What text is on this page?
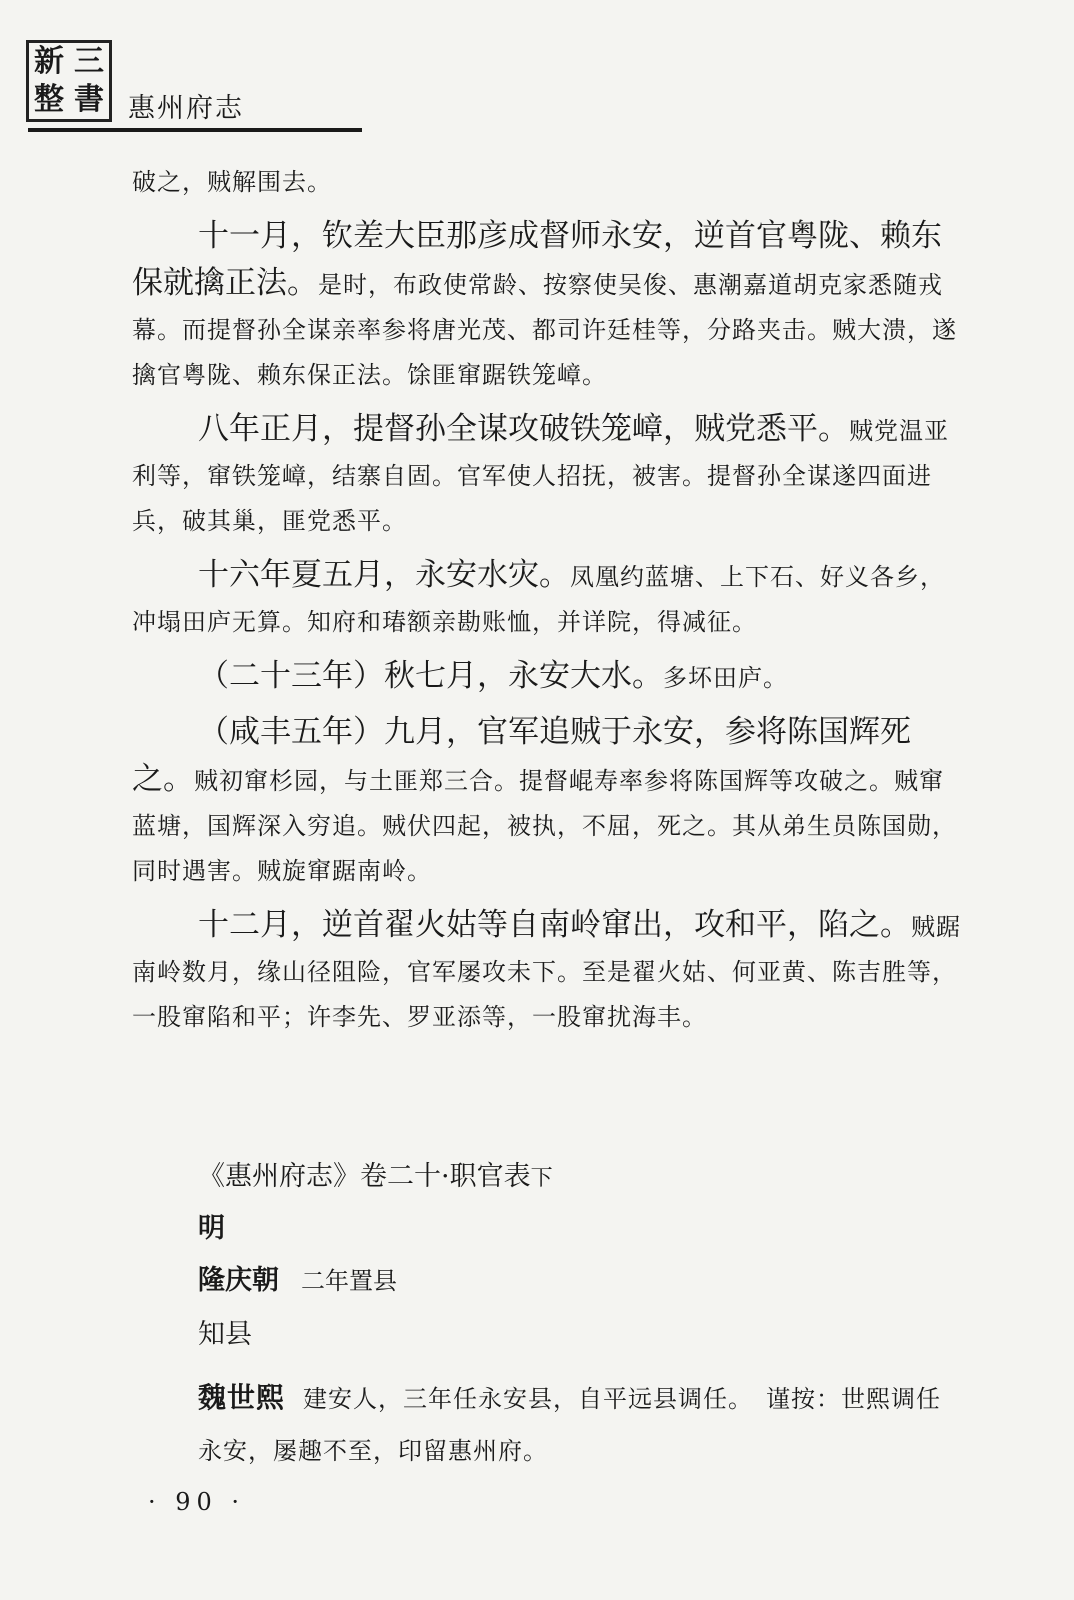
新 三
整 書 惠州府志

破之，贼解围去。

十一月，钦差大臣那彦成督师永安，逆首官粤陇、赖东保就擒正法。是时，布政使常龄、按察使吴俊、惠潮嘉道胡克家悉随戎幕。而提督孙全谋亲率参将唐光茂、都司许廷桂等，分路夹击。贼大溃，遂擒官粤陇、赖东保正法。馀匪窜踞铁笼嶂。

八年正月，提督孙全谋攻破铁笼嶂，贼党悉平。贼党温亚利等，窜铁笼嶂，结寨自固。官军使人招抚，被害。提督孙全谋遂四面进兵，破其巢，匪党悉平。

十六年夏五月，永安水灾。凤凰约蓝塘、上下石、好义各乡，冲塌田庐无算。知府和瑃额亲勘账恤，并详院，得减征。

（二十三年）秋七月，永安大水。多坏田庐。

（咸丰五年）九月，官军追贼于永安，参将陈国辉死之。贼初窜杉园，与土匪郑三合。提督崐寿率参将陈国辉等攻破之。贼窜蓝塘，国辉深入穷追。贼伏四起，被执，不屈，死之。其从弟生员陈国勋，同时遇害。贼旋窜踞南岭。

十二月，逆首翟火姑等自南岭窜出，攻和平，陷之。贼踞南岭数月，缘山径阻险，官军屡攻未下。至是翟火姑、何亚黄、陈吉胜等，一股窜陷和平；许李先、罗亚添等，一股窜扰海丰。

《惠州府志》卷二十·职官表下
明
隆庆朝 二年置县
知县
魏世熙 建安人，三年任永安县，自平远县调任。　谨按：世熙调任永安，屡趣不至，印留惠州府。
· 90 ·
